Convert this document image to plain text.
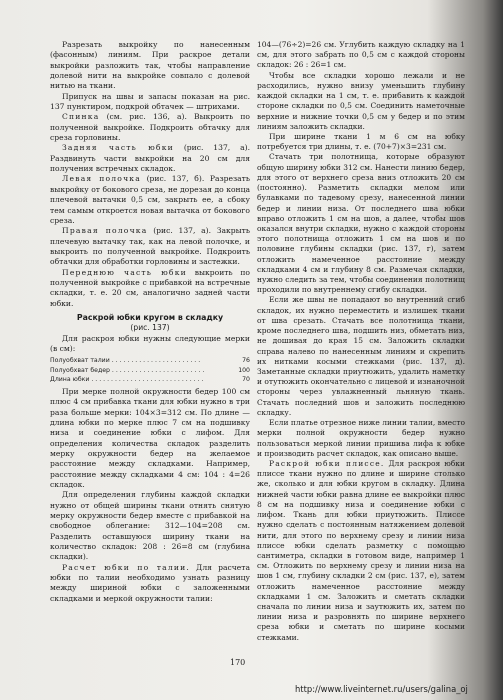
Разрезать выкройку по нанесенным (фасонным) линиям. При раскрое детали выкройки разложить так, чтобы направление долевой нити на выкройке совпало с долевой нитью на ткани.

Припуск на швы и запасы показан на рис. 137 пунктиром, подкрой обтачек — штрихами.

Спинка (см. рис. 136, а). Выкроить по полученной выкройке. Подкроить обтачку для среза горловины.

Задняя часть юбки (рис. 137, а). Раздвинуть части выкройки на 20 см для получения встречных складок.

Левая полочка (рис. 137, б). Разрезать выкройку от бокового среза, не дорезая до конца плечевой вытачки 0,5 см, закрыть ее, а сбоку тем самым откроется новая вытачка от бокового среза.

Правая полочка (рис. 137, а). Закрыть плечевую вытачку так, как на левой полочке, и выкроить по полученной выкройке. Подкроить обтачки для обработки горловины и застежки.

Переднюю часть юбки выкроить по полученной выкройке с прибавкой на встречные складки, т. е. 20 см, аналогично задней части юбки.

Раскрой юбки кругом в складку

(рис. 137)

Для раскроя юбки нужны следующие мерки (в см):

Полуобхват талии . . . . . . . . . . . . . . . . . . . . . . .	76
Полуобхват бедер . . . . . . . . . . . . . . . . . . . . . . . .	100
Длина юбки . . . . . . . . . . . . . . . . . . . . . . . . . . . . .	70

При мерке полной окружности бедер 100 см плюс 4 см прибавка ткани для юбки нужно в три раза больше мерки: 104×3=312 см. По длине — длина юбки по мерке плюс 7 см на подшивку низа и соединение юбки с лифом. Для определения количества складок разделить мерку окружности бедер на желаемое расстояние между складками. Например, расстояние между складками 4 см: 104 : 4=26 складок.

Для определения глубины каждой складки нужно от общей ширины ткани отнять снятую мерку окружности бедер вместе с прибавкой на свободное облегание: 312—104=208 см. Разделить оставшуюся ширину ткани на количество складок: 208 : 26=8 см (глубина складки).

Расчет юбки по талии. Для расчета юбки по талии необходимо узнать разницу между шириной юбки с заложенными складками и меркой окружности талии:

104—(76÷2)=26 см. Углубить каждую складку на 1 см, для этого забрать по 0,5 см с каждой стороны складок: 26 : 26=1 см.

Чтобы все складки хорошо лежали и не расходились, нужно внизу уменьшить глубину каждой складки на 1 см, т. е. прибавить к каждой стороне складки по 0,5 см. Соединить наметочные верхние и нижние точки 0,5 см у бедер и по этим линиям заложить складки.

При ширине ткани 1 м 6 см на юбку потребуется три длины, т. е. (70+7)×3=231 см.

Стачать три полотнища, которые образуют общую ширину юбки 312 см. Нанести линию бедер, для этого от верхнего среза вниз отложить 20 см (постоянно). Разметить складки мелом или булавками по тадевому срезу, нанесенной линии бедер и линии низа. От последнего шва юбки вправо отложить 1 см на шов, а далее, чтобы шов оказался внутри складки, нужно с каждой стороны этого полотнища отложить 1 см на шов и по половине глубины складки (рис. 137, г), затем отложить намеченное расстояние между складками 4 см и глубину 8 см. Размечая складки, нужно следить за тем, чтобы соединения полотнищ проходили по внутреннему сгибу складки.

Если же швы не попадают во внутренний сгиб складок, их нужно переместить и излишек ткани от шва срезать. Стачать все полотнища ткани, кроме последнего шва, подшить низ, обметать низ, не дошивая до края 15 см. Заложить складки справа налево по нанесенным линиям и скрепить их нитками косыми стежками (рис. 137, д). Заметанные складки приутюжить, удалить наметку и отутюжить окончательно с лицевой и изнаночной стороны через увлажненный льняную ткань. Стачать последний шов и заложить последнюю складку.

Если платье отрезное ниже линии талии, вместо мерки полной окружности бедер нужно пользоваться меркой линии пришива лифа к юбке и производить расчет складок, как описано выше.

Раскрой юбки плиссе. Для раскроя юбки плиссе ткани нужно по длине и ширине столько же, сколько и для юбки кругом в складку. Длина нижней части юбки равна длине ее выкройки плюс 8 см на подшивку низа и соединение юбки с лифом. Ткань для юбки приутюжить. Плиссе нужно сделать с постоянным натяжением долевой нити, для этого по верхнему срезу и линии низа плиссе юбки сделать разметку с помощью сантиметра, складки в готовом виде, например 1 см. Отложить по верхнему срезу и линии низа на шов 1 см, глубину складки 2 см (рис. 137, е), затем отложить намеченное расстояние между складками 1 см. Заложить и сметать складки сначала по линии низа и заутюжить их, затем по линии низа и разровнять по ширине верхнего среза юбки и сметать по ширине косыми стежками.

170
http://www.liveinternet.ru/users/galina_oj
